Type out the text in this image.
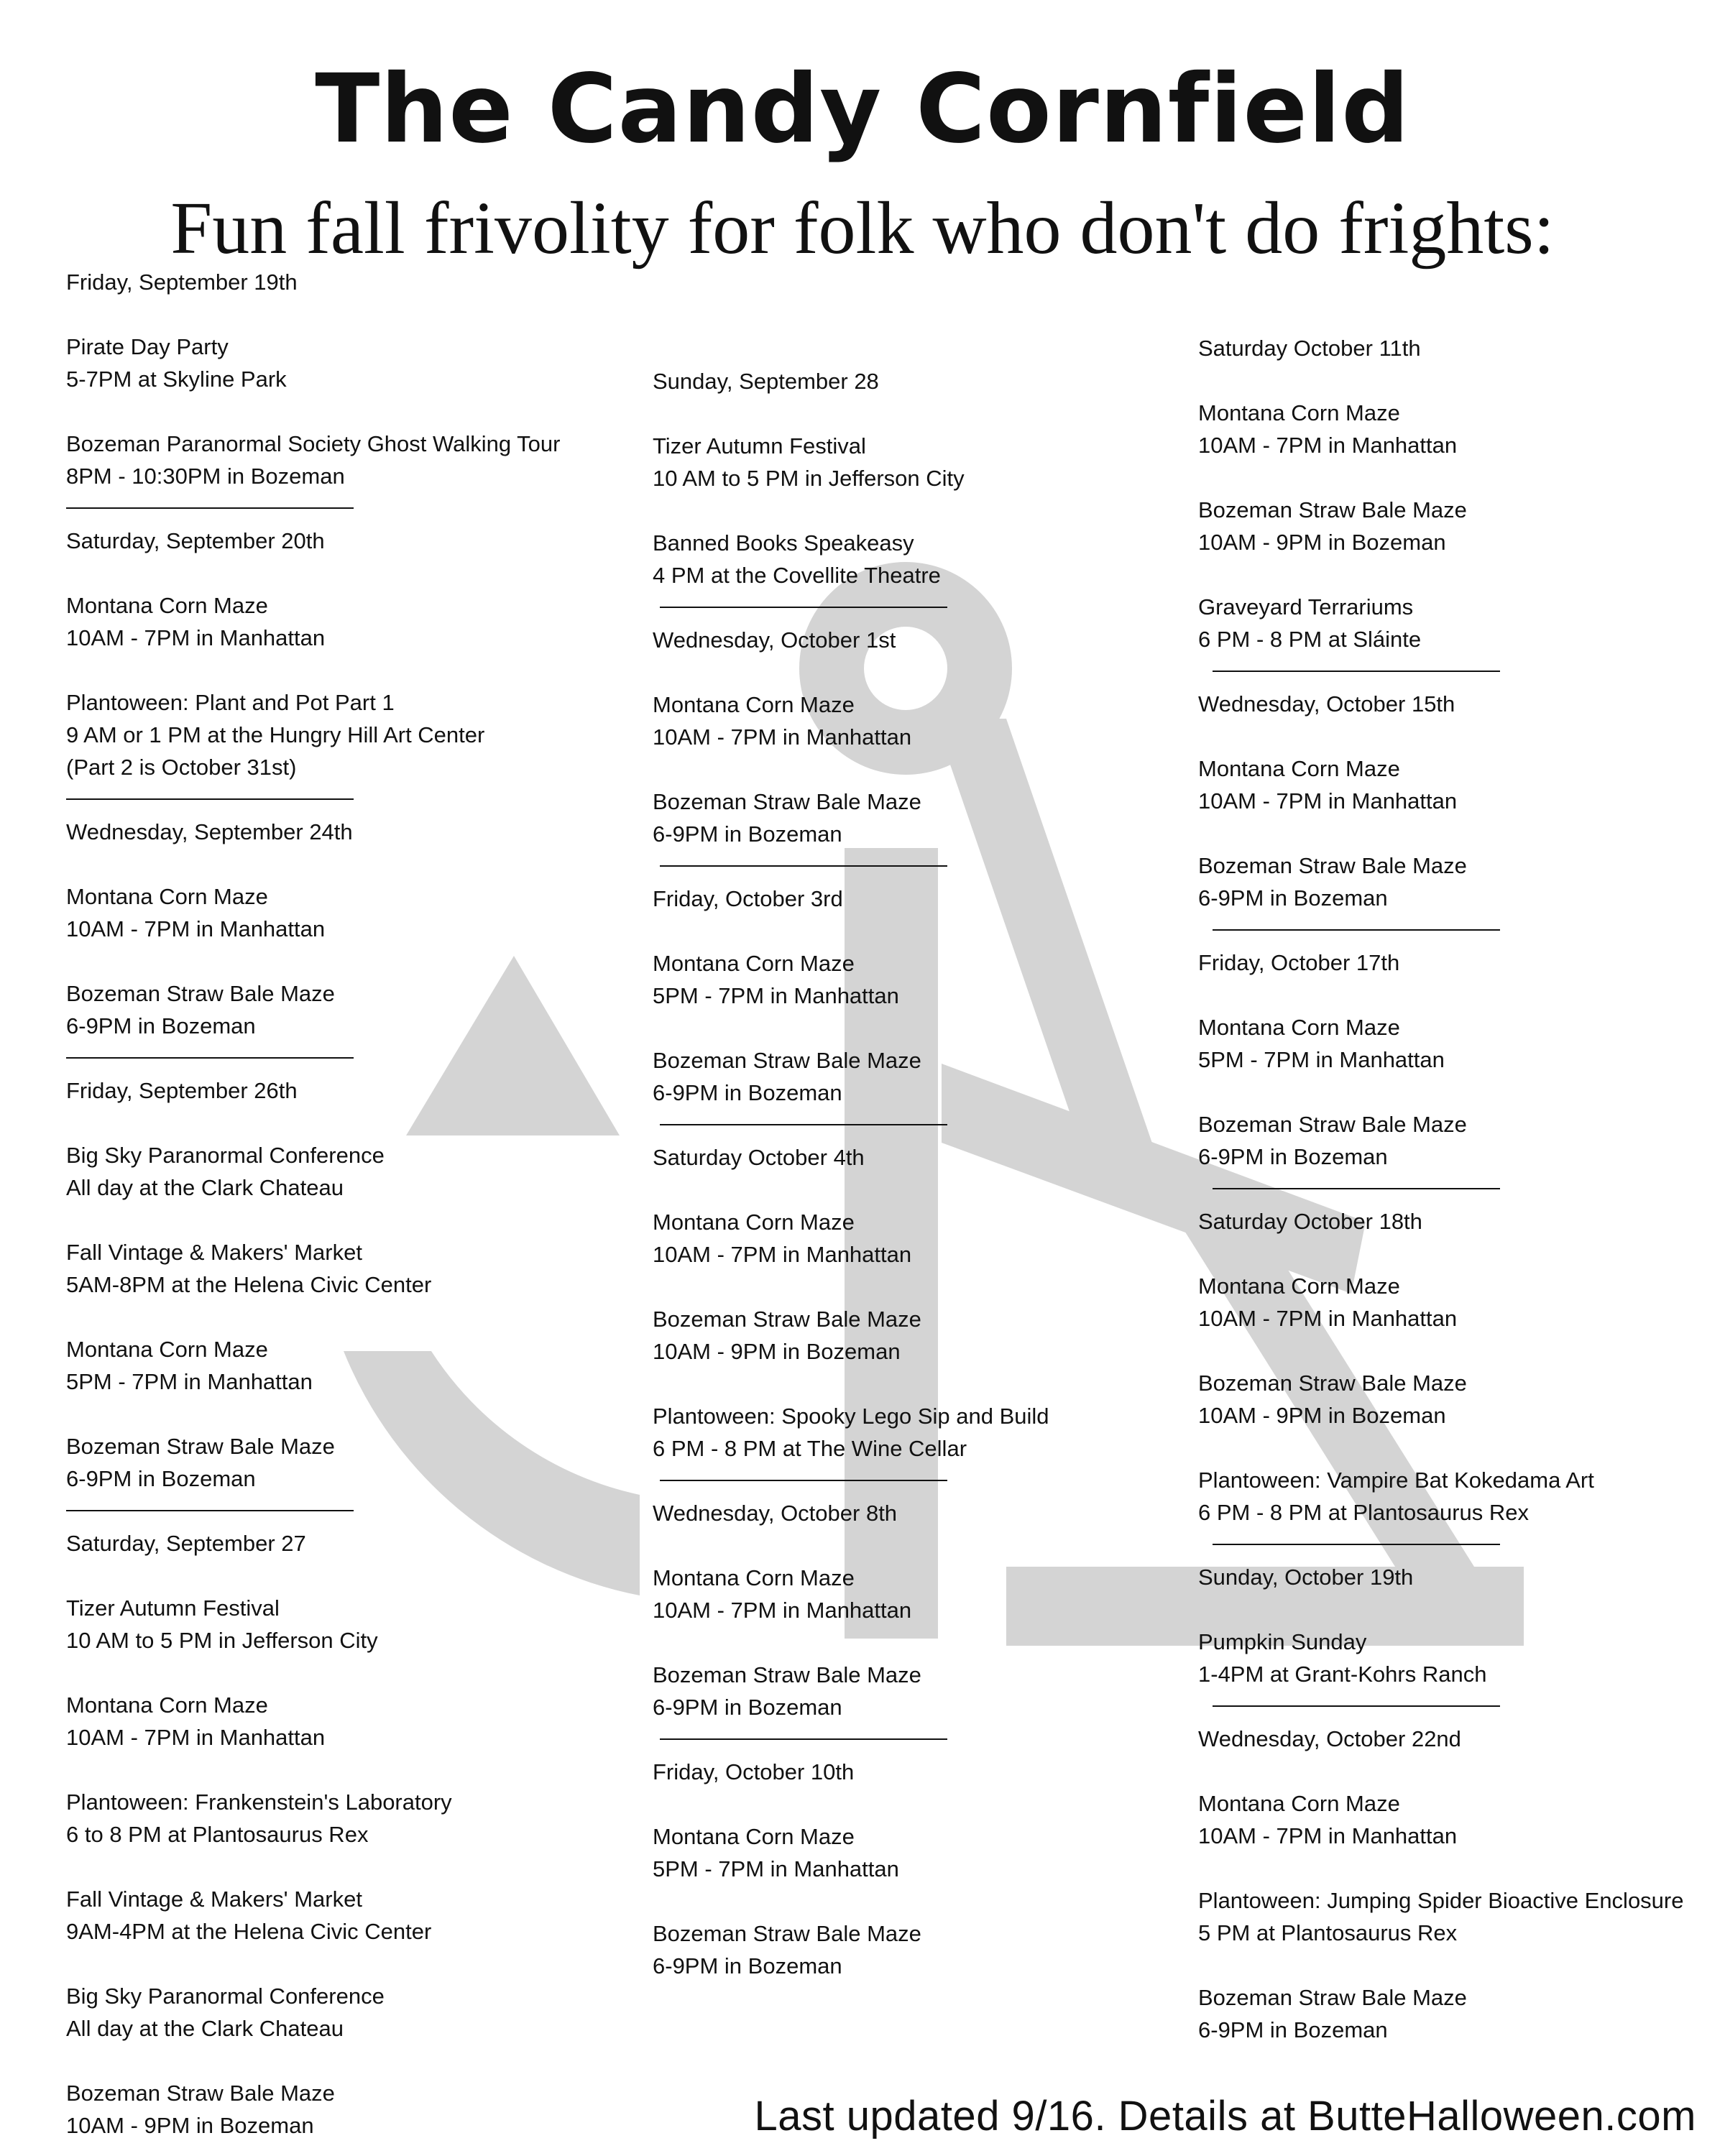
The Candy Cornfield
Fun fall frivolity for folk who don't do frights:
Friday, September 19th
Pirate Day Party
5-7PM at Skyline Park
Bozeman Paranormal Society Ghost Walking Tour
8PM - 10:30PM in Bozeman
Saturday, September 20th
Montana Corn Maze
10AM - 7PM in Manhattan
Plantoween: Plant and Pot Part 1
9 AM or 1 PM at the Hungry Hill Art Center
(Part 2 is October 31st)
Wednesday, September 24th
Montana Corn Maze
10AM - 7PM in Manhattan
Bozeman Straw Bale Maze
6-9PM in Bozeman
Friday, September 26th
Big Sky Paranormal Conference
All day at the Clark Chateau
Fall Vintage & Makers' Market
5AM-8PM at the Helena Civic Center
Montana Corn Maze
5PM - 7PM in Manhattan
Bozeman Straw Bale Maze
6-9PM in Bozeman
Saturday, September 27
Tizer Autumn Festival
10 AM to 5 PM in Jefferson City
Montana Corn Maze
10AM - 7PM in Manhattan
Plantoween: Frankenstein's Laboratory
6 to 8 PM at Plantosaurus Rex
Fall Vintage & Makers' Market
9AM-4PM at the Helena Civic Center
Big Sky Paranormal Conference
All day at the Clark Chateau
Bozeman Straw Bale Maze
10AM - 9PM in Bozeman
Sunday, September 28
Tizer Autumn Festival
10 AM to 5 PM in Jefferson City
Banned Books Speakeasy
4 PM at the Covellite Theatre
Wednesday, October 1st
Montana Corn Maze
10AM - 7PM in Manhattan
Bozeman Straw Bale Maze
6-9PM in Bozeman
Friday, October 3rd
Montana Corn Maze
5PM - 7PM in Manhattan
Bozeman Straw Bale Maze
6-9PM in Bozeman
Saturday October 4th
Montana Corn Maze
10AM - 7PM in Manhattan
Bozeman Straw Bale Maze
10AM - 9PM in Bozeman
Plantoween: Spooky Lego Sip and Build
6 PM - 8 PM at The Wine Cellar
Wednesday, October 8th
Montana Corn Maze
10AM - 7PM in Manhattan
Bozeman Straw Bale Maze
6-9PM in Bozeman
Friday, October 10th
Montana Corn Maze
5PM - 7PM in Manhattan
Bozeman Straw Bale Maze
6-9PM in Bozeman
Saturday October 11th
Montana Corn Maze
10AM - 7PM in Manhattan
Bozeman Straw Bale Maze
10AM - 9PM in Bozeman
Graveyard Terrariums
6 PM - 8 PM at Sláinte
Wednesday, October 15th
Montana Corn Maze
10AM - 7PM in Manhattan
Bozeman Straw Bale Maze
6-9PM in Bozeman
Friday, October 17th
Montana Corn Maze
5PM - 7PM in Manhattan
Bozeman Straw Bale Maze
6-9PM in Bozeman
Saturday October 18th
Montana Corn Maze
10AM - 7PM in Manhattan
Bozeman Straw Bale Maze
10AM - 9PM in Bozeman
Plantoween: Vampire Bat Kokedama Art
6 PM - 8 PM at Plantosaurus Rex
Sunday, October 19th
Pumpkin Sunday
1-4PM at Grant-Kohrs Ranch
Wednesday, October 22nd
Montana Corn Maze
10AM - 7PM in Manhattan
Plantoween: Jumping Spider Bioactive Enclosure
5 PM at Plantosaurus Rex
Bozeman Straw Bale Maze
6-9PM in Bozeman
Last updated 9/16. Details at ButteHalloween.com
